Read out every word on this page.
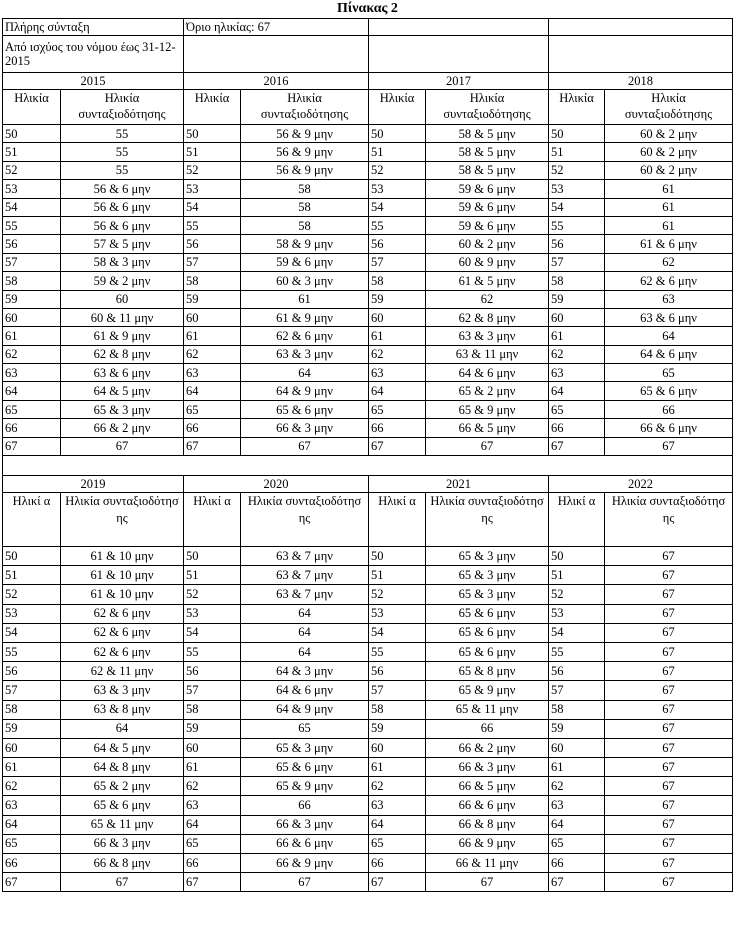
Πίνακας 2
Πλήρης σύνταξη		Όριο ηλικίας: 67					
Από ισχύος του νόμου έως 31-12-2015							
2015		2016		2017		2018	
Ηλικία	Ηλικία συνταξιοδότησης	Ηλικία	Ηλικία συνταξιοδότησης	Ηλικία	Ηλικία συνταξιοδότησης	Ηλικία	Ηλικία συνταξιοδότησης
50	55	50	56 & 9 μην	50	58 & 5 μην	50	60 & 2 μην
51	55	51	56 & 9 μην	51	58 & 5 μην	51	60 & 2 μην
52	55	52	56 & 9 μην	52	58 & 5 μην	52	60 & 2 μην
53	56 & 6 μην	53	58	53	59 & 6 μην	53	61
54	56 & 6 μην	54	58	54	59 & 6 μην	54	61
55	56 & 6 μην	55	58	55	59 & 6 μην	55	61
56	57 & 5 μην	56	58 & 9 μην	56	60 & 2 μην	56	61 & 6 μην
57	58 & 3 μην	57	59 & 6 μην	57	60 & 9 μην	57	62
58	59 & 2 μην	58	60 & 3 μην	58	61 & 5 μην	58	62 & 6 μην
59	60	59	61	59	62	59	63
60	60 & 11 μην	60	61 & 9 μην	60	62 & 8 μην	60	63 & 6 μην
61	61 & 9 μην	61	62 & 6 μην	61	63 & 3 μην	61	64
62	62 & 8 μην	62	63 & 3 μην	62	63 & 11 μην	62	64 & 6 μην
63	63 & 6 μην	63	64	63	64 & 6 μην	63	65
64	64 & 5 μην	64	64 & 9 μην	64	65 & 2 μην	64	65 & 6 μην
65	65 & 3 μην	65	65 & 6 μην	65	65 & 9 μην	65	66
66	66 & 2 μην	66	66 & 3 μην	66	66 & 5 μην	66	66 & 6 μην
67	67	67	67	67	67	67	67

2019		2020		2021		2022	
Ηλικί α	Ηλικία συνταξιοδότησ ης	Ηλικί α	Ηλικία συνταξιοδότησ ης	Ηλικί α	Ηλικία συνταξιοδότησ ης	Ηλικί α	Ηλικία συνταξιοδότησ ης
50	61 & 10 μην	50	63 & 7 μην	50	65 & 3 μην	50	67
51	61 & 10 μην	51	63 & 7 μην	51	65 & 3 μην	51	67
52	61 & 10 μην	52	63 & 7 μην	52	65 & 3 μην	52	67
53	62 & 6 μην	53	64	53	65 & 6 μην	53	67
54	62 & 6 μην	54	64	54	65 & 6 μην	54	67
55	62 & 6 μην	55	64	55	65 & 6 μην	55	67
56	62 & 11 μην	56	64 & 3 μην	56	65 & 8 μην	56	67
57	63 & 3 μην	57	64 & 6 μην	57	65 & 9 μην	57	67
58	63 & 8 μην	58	64 & 9 μην	58	65 & 11 μην	58	67
59	64	59	65	59	66	59	67
60	64 & 5 μην	60	65 & 3 μην	60	66 & 2 μην	60	67
61	64 & 8 μην	61	65 & 6 μην	61	66 & 3 μην	61	67
62	65 & 2 μην	62	65 & 9 μην	62	66 & 5 μην	62	67
63	65 & 6 μην	63	66	63	66 & 6 μην	63	67
64	65 & 11 μην	64	66 & 3 μην	64	66 & 8 μην	64	67
65	66 & 3 μην	65	66 & 6 μην	65	66 & 9 μην	65	67
66	66 & 8 μην	66	66 & 9 μην	66	66 & 11 μην	66	67
67	67	67	67	67	67	67	67
